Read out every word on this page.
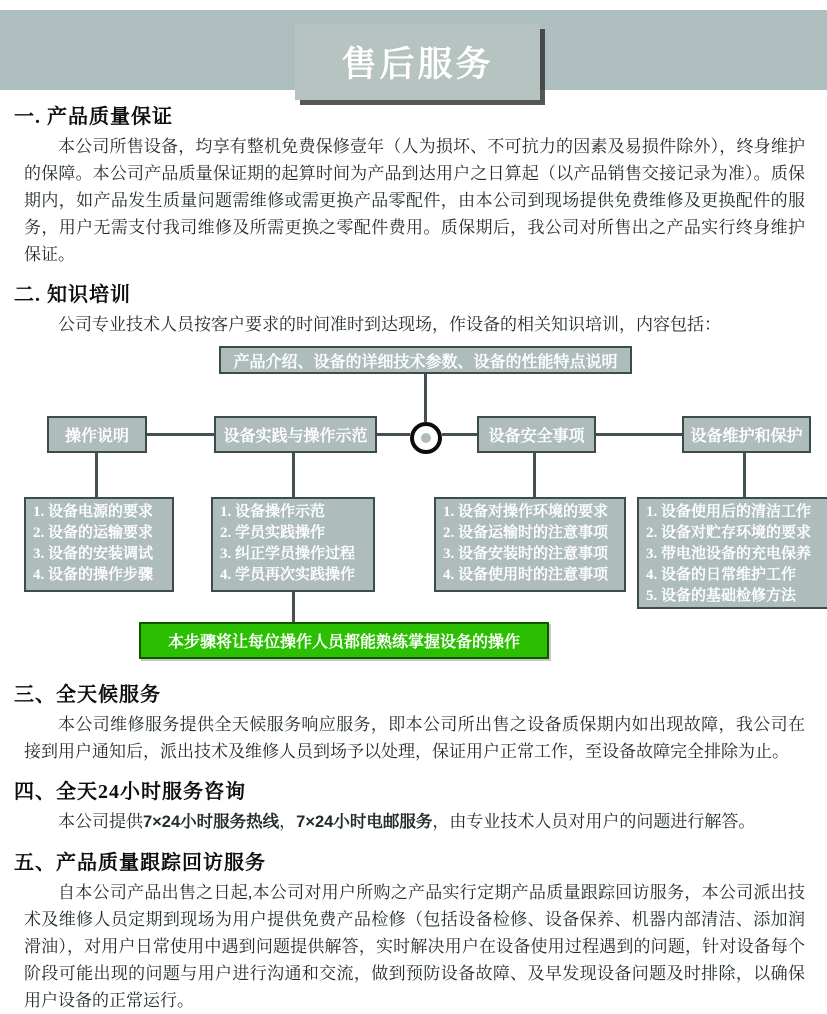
售后服务
一. 产品质量保证
本公司所售设备，均享有整机免费保修壹年（人为损坏、不可抗力的因素及易损件除外），终身维护的保障。本公司产品质量保证期的起算时间为产品到达用户之日算起（以产品销售交接记录为准）。质保期内，如产品发生质量问题需维修或需更换产品零配件，由本公司到现场提供免费维修及更换配件的服务，用户无需支付我司维修及所需更换之零配件费用。质保期后，我公司对所售出之产品实行终身维护保证。
二. 知识培训
公司专业技术人员按客户要求的时间准时到达现场，作设备的相关知识培训，内容包括：
产品介绍、设备的详细技术参数、设备的性能特点说明
操作说明	设备实践与操作示范	设备安全事项	设备维护和保护
1. 设备电源的要求
2. 设备的运输要求
3. 设备的安装调试
4. 设备的操作步骤
1. 设备操作示范
2. 学员实践操作
3. 纠正学员操作过程
4. 学员再次实践操作
1. 设备对操作环境的要求
2. 设备运输时的注意事项
3. 设备安装时的注意事项
4. 设备使用时的注意事项
1. 设备使用后的清洁工作
2. 设备对贮存环境的要求
3. 带电池设备的充电保养
4. 设备的日常维护工作
5. 设备的基础检修方法
本步骤将让每位操作人员都能熟练掌握设备的操作
三、全天候服务
本公司维修服务提供全天候服务响应服务，即本公司所出售之设备质保期内如出现故障，我公司在接到用户通知后，派出技术及维修人员到场予以处理，保证用户正常工作，至设备故障完全排除为止。
四、全天24小时服务咨询
本公司提供7×24小时服务热线，7×24小时电邮服务，由专业技术人员对用户的问题进行解答。
五、产品质量跟踪回访服务
自本公司产品出售之日起,本公司对用户所购之产品实行定期产品质量跟踪回访服务，本公司派出技术及维修人员定期到现场为用户提供免费产品检修（包括设备检修、设备保养、机器内部清洁、添加润滑油），对用户日常使用中遇到问题提供解答，实时解决用户在设备使用过程遇到的问题，针对设备每个阶段可能出现的问题与用户进行沟通和交流，做到预防设备故障、及早发现设备问题及时排除，以确保用户设备的正常运行。
